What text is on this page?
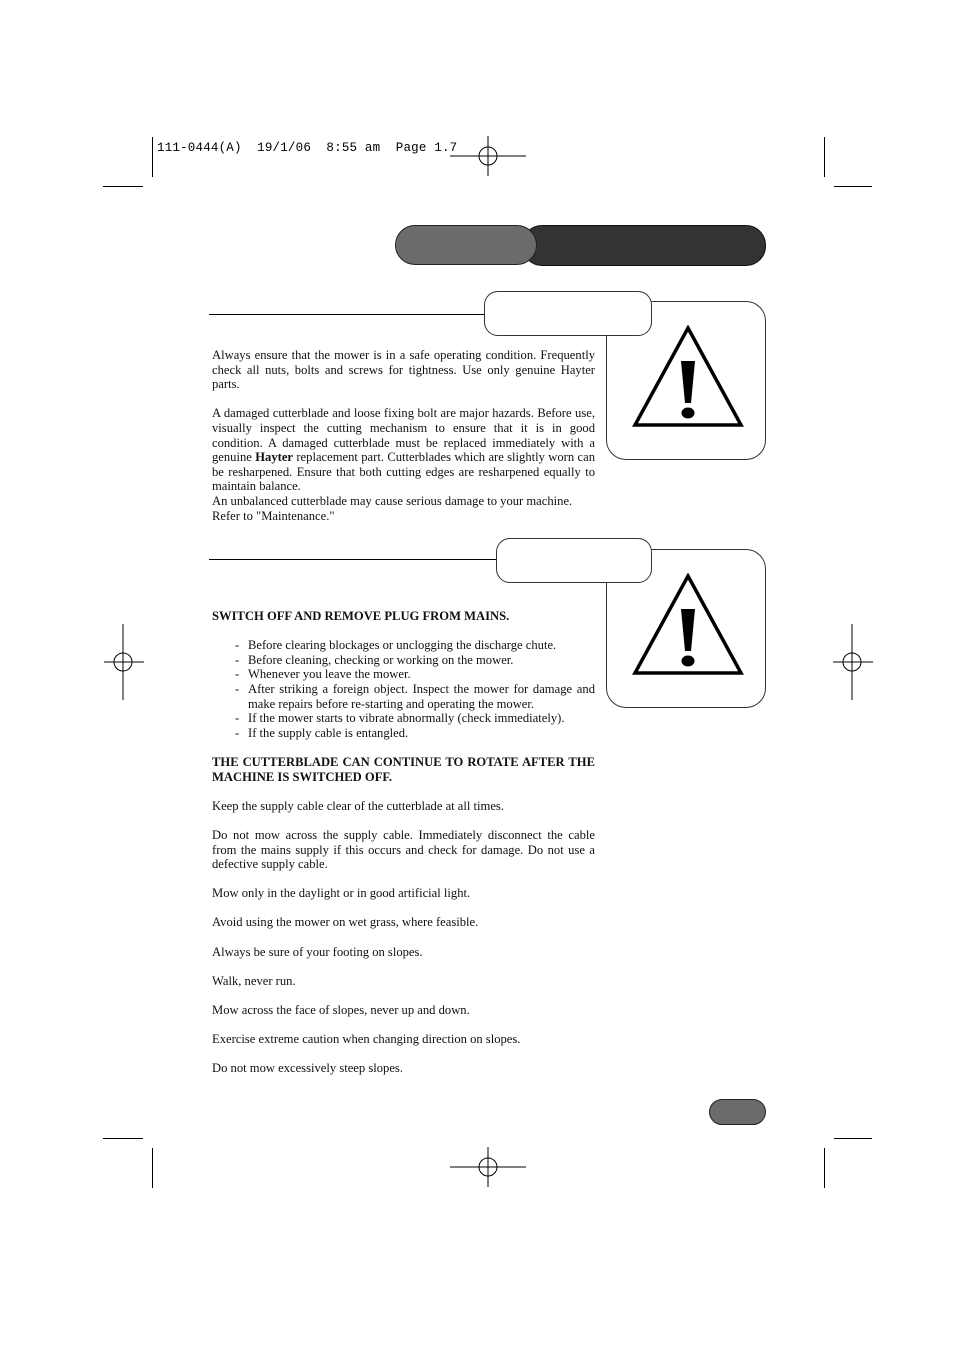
111-0444(A)  19/1/06  8:55 am  Page 1.7

Always ensure that the mower is in a safe operating condition. Frequently check all nuts, bolts and screws for tightness. Use only genuine Hayter parts.

A damaged cutterblade and loose fixing bolt are major hazards. Before use, visually inspect the cutting mechanism to ensure that it is in good condition. A damaged cutterblade must be replaced immediately with a genuine Hayter replacement part. Cutterblades which are slightly worn can be resharpened. Ensure that both cutting edges are resharpened equally to maintain balance.

An unbalanced cutterblade may cause serious damage to your machine.

Refer to "Maintenance."

SWITCH OFF AND REMOVE PLUG FROM MAINS.

- Before clearing blockages or unclogging the discharge chute.
- Before cleaning, checking or working on the mower.
- Whenever you leave the mower.
- After striking a foreign object. Inspect the mower for damage and make repairs before re-starting and operating the mower.
- If the mower starts to vibrate abnormally (check immediately).
- If the supply cable is entangled.

THE CUTTERBLADE CAN CONTINUE TO ROTATE AFTER THE MACHINE IS SWITCHED OFF.

Keep the supply cable clear of the cutterblade at all times.

Do not mow across the supply cable. Immediately disconnect the cable from the mains supply if this occurs and check for damage. Do not use a defective supply cable.

Mow only in the daylight or in good artificial light.

Avoid using the mower on wet grass, where feasible.

Always be sure of your footing on slopes.

Walk, never run.

Mow across the face of slopes, never up and down.

Exercise extreme caution when changing direction on slopes.

Do not mow excessively steep slopes.
